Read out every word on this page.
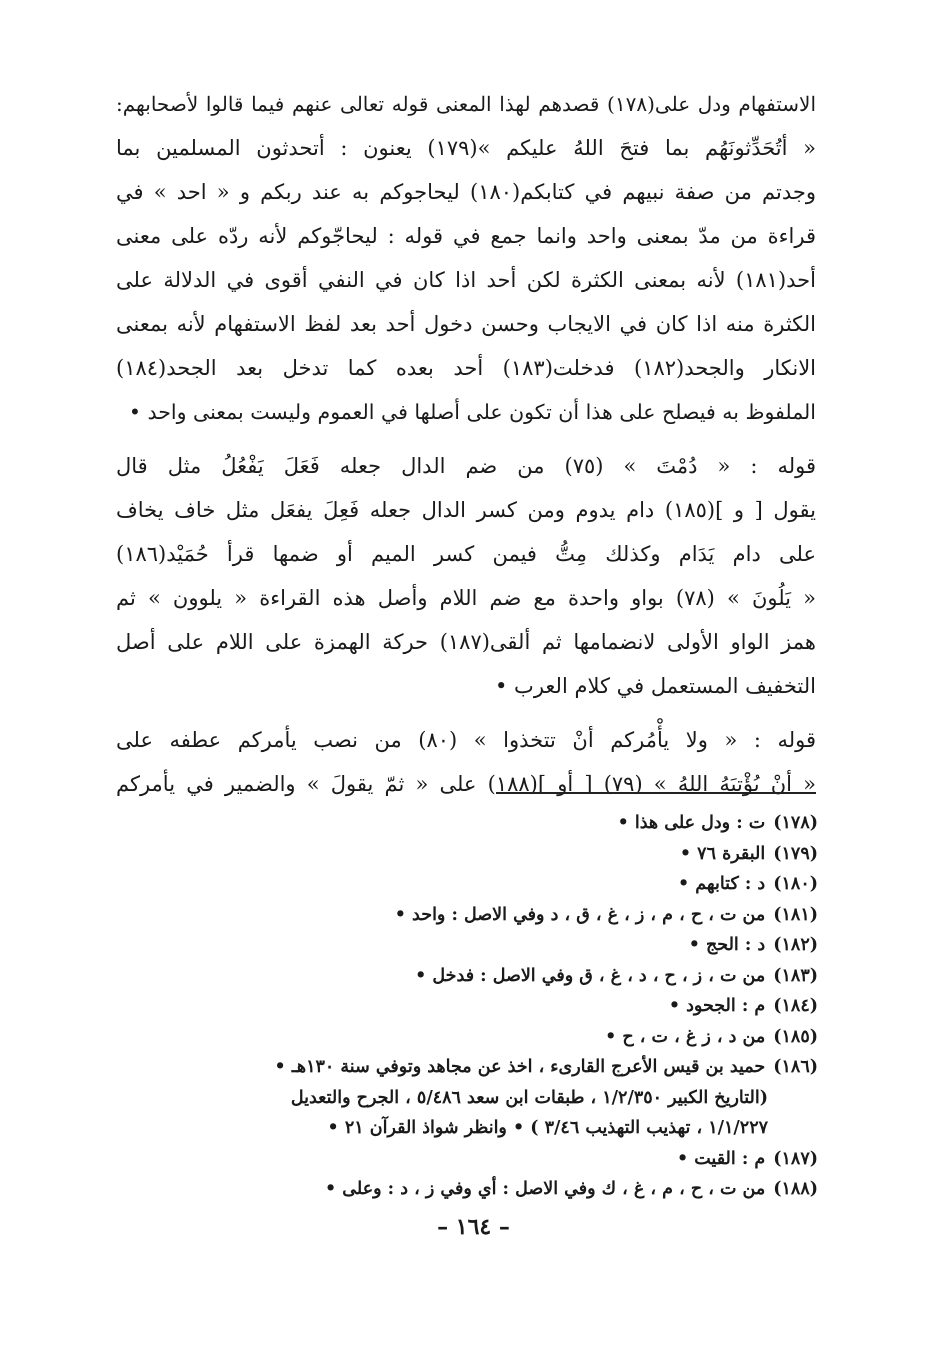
الاستفهام ودل على(١٧٨) قصدهم لهذا المعنى قوله تعالى عنهم فيما قالوا لأصحابهم:
« أتُحَدِّثونَهُم بما فتحَ اللهُ عليكم »(١٧٩) يعنون : أتحدثون المسلمين بما
وجدتم من صفة نبيهم في كتابكم(١٨٠) ليحاجوكم به عند ربكم و « احد » في
قراءة من مدّ بمعنى واحد وانما جمع في قوله : ليحاجّوكم لأنه ردّه على معنى
أحد(١٨١) لأنه بمعنى الكثرة لكن أحد اذا كان في النفي أقوى في الدلالة على
الكثرة منه اذا كان في الايجاب وحسن دخول أحد بعد لفظ الاستفهام لأنه بمعنى
الانكار والجحد(١٨٢) فدخلت(١٨٣) أحد بعده كما تدخل بعد الجحد(١٨٤)
الملفوظ به فيصلح على هذا أن تكون على أصلها في العموم وليست بمعنى واحد •
قوله : « دُمْتَ » (٧٥) من ضم الدال جعله فَعَلَ يَفْعُلُ مثل قال
يقول [ و ](١٨٥) دام يدوم ومن كسر الدال جعله فَعِلَ يفعَل مثل خاف يخاف
على دام يَدَام وكذلك مِتُّ فيمن كسر الميم أو ضمها قرأ حُمَيْد(١٨٦)
« يَلُونَ » (٧٨) بواو واحدة مع ضم اللام وأصل هذه القراءة « يلوون » ثم
همز الواو الأولى لانضمامها ثم ألقى(١٨٧) حركة الهمزة على اللام على أصل
التخفيف المستعمل في كلام العرب •
قوله : « ولا يأْمُركم أنْ تتخذوا » (٨٠) من نصب يأمركم عطفه على
« أنْ يُؤْتيَهُ اللهُ » (٧٩) [ أو ](١٨٨) على « ثمّ يقولَ » والضمير في يأمركم
(١٧٨)ت : ودل على هذا •
(١٧٩)البقرة ٧٦ •
(١٨٠)د : كتابهم •
(١٨١)من ت ، ح ، م ، ز ، غ ، ق ، د وفي الاصل : واحد •
(١٨٢)د : الحج •
(١٨٣)من ت ، ز ، ح ، د ، غ ، ق وفي الاصل : فدخل •
(١٨٤)م : الجحود •
(١٨٥)من د ، ز غ ، ت ، ح •
(١٨٦)حميد بن قيس الأعرج القارىء ، اخذ عن مجاهد وتوفي سنة ١٣٠هـ •
(التاريخ الكبير ١/٢/٣٥٠ ، طبقات ابن سعد ٥/٤٨٦ ، الجرح والتعديل
١/١/٢٢٧ ، تهذيب التهذيب ٣/٤٦ ) • وانظر شواذ القرآن ٢١ •
(١٨٧)م : القيت •
(١٨٨)من ت ، ح ، م ، غ ، ك وفي الاصل : أي وفي ز ، د : وعلى •
– ١٦٤ –
